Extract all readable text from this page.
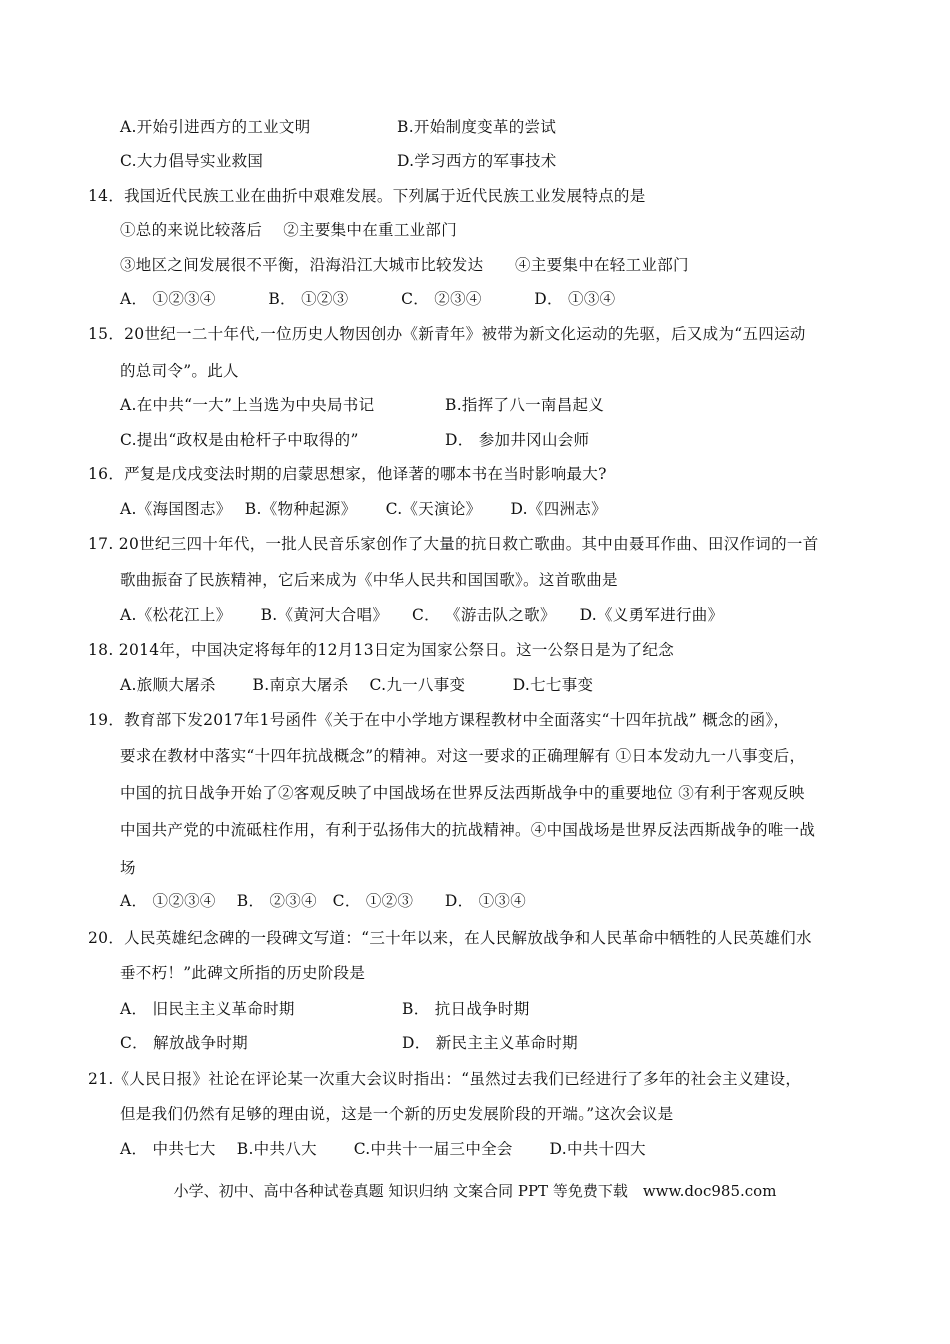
A.开始引进西方的工业文明	B.开始制度变革的尝试
C.大力倡导实业救国	D.学习西方的军事技术
14．我国近代民族工业在曲折中艰难发展。下列属于近代民族工业发展特点的是
①总的来说比较落后　 ②主要集中在重工业部门
③地区之间发展很不平衡，沿海沿江大城市比较发达　　④主要集中在轻工业部门
A． ①②③④　　　 B． ①②③　　　 C． ②③④　　　 D． ①③④
15．20世纪一二十年代,一位历史人物因创办《新青年》被带为新文化运动的先驱，后又成为“五四运动
的总司令”。此人
A.在中共“一大”上当选为中央局书记	B.指挥了八一南昌起义
C.提出“政权是由枪杆子中取得的”	D． 参加井冈山会师
16．严复是戊戌变法时期的启蒙思想家，他译著的哪本书在当时影响最大?
A.《海国图志》　 B.《物种起源》　　 C.《天演论》　　 D.《四洲志》
17. 20世纪三四十年代，一批人民音乐家创作了大量的抗日救亡歌曲。其中由聂耳作曲、田汉作词的一首
歌曲振奋了民族精神，它后来成为《中华人民共和国国歌》。这首歌曲是
A.《松花江上》　　 B.《黄河大合唱》　　C． 《游击队之歌》　　D.《义勇军进行曲》
18. 2014年，中国决定将每年的12月13日定为国家公祭日。这一公祭日是为了纪念
A.旅顺大屠杀　　 B.南京大屠杀　 C.九一八事变　　　D.七七事变
19．教育部下发2017年1号函件《关于在中小学地方课程教材中全面落实“十四年抗战” 概念的函》，
要求在教材中落实“十四年抗战概念”的精神。对这一要求的正确理解有 ①日本发动九一八事变后，
中国的抗日战争开始了②客观反映了中国战场在世界反法西斯战争中的重要地位 ③有利于客观反映
中国共产党的中流砥柱作用，有利于弘扬伟大的抗战精神。④中国战场是世界反法西斯战争的唯一战
场
A． ①②③④　 B． ②③④　C． ①②③　　D． ①③④
20．人民英雄纪念碑的一段碑文写道：“三十年以来，在人民解放战争和人民革命中牺牲的人民英雄们水
垂不朽！”此碑文所指的历史阶段是
A． 旧民主主义革命时期	B． 抗日战争时期
C． 解放战争时期	D． 新民主主义革命时期
21.《人民日报》社论在评论某一次重大会议时指出：“虽然过去我们已经进行了多年的社会主义建设，
但是我们仍然有足够的理由说，这是一个新的历史发展阶段的开端。”这次会议是
A． 中共七大　 B.中共八大　　 C.中共十一届三中全会　　 D.中共十四大
小学、初中、高中各种试卷真题 知识归纳 文案合同 PPT 等免费下载　www.doc985.com
